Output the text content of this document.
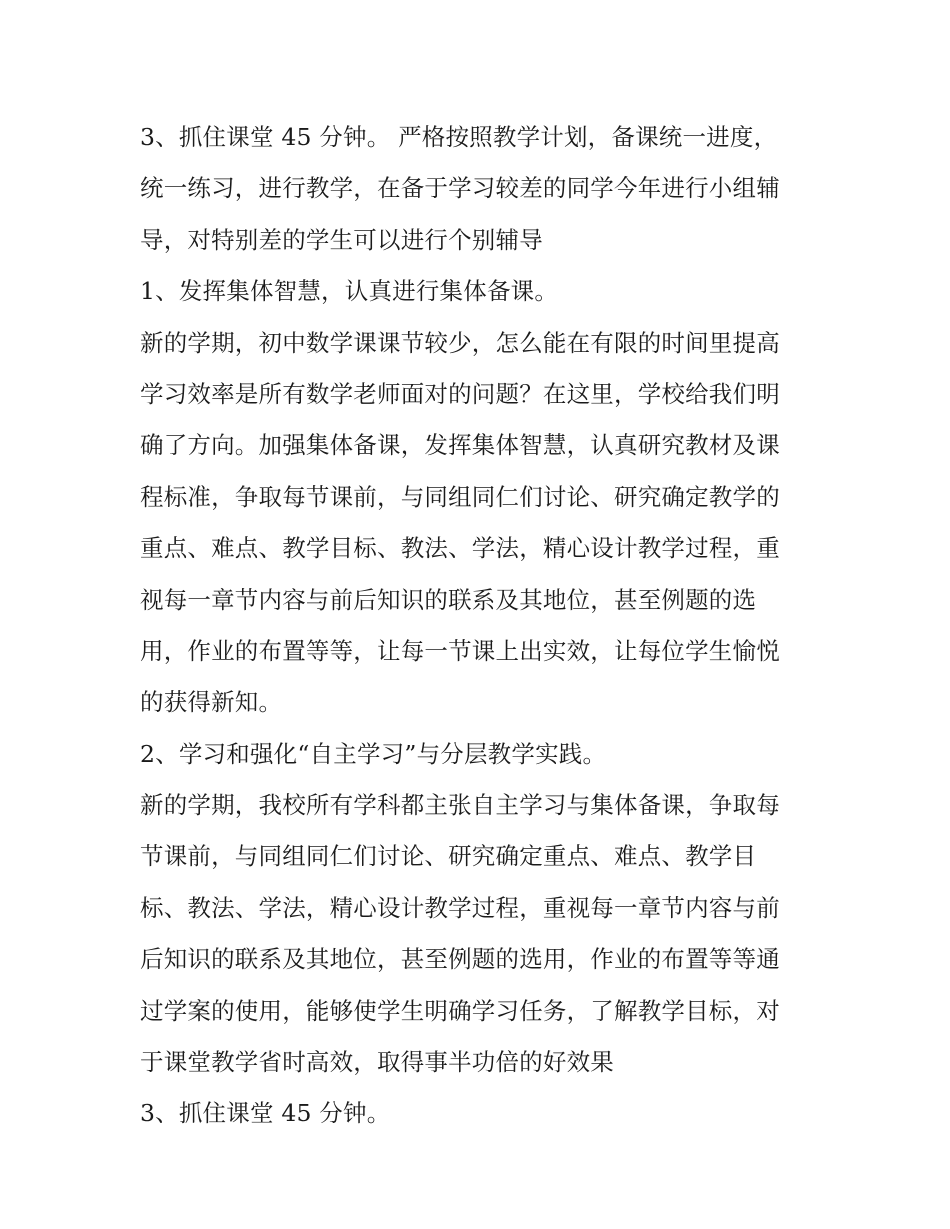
3、抓住课堂 45 分钟。 严格按照教学计划，备课统一进度，
统一练习，进行教学，在备于学习较差的同学今年进行小组辅
导，对特别差的学生可以进行个别辅导
1、发挥集体智慧，认真进行集体备课。
新的学期，初中数学课课节较少，怎么能在有限的时间里提高
学习效率是所有数学老师面对的问题？在这里，学校给我们明
确了方向。加强集体备课，发挥集体智慧，认真研究教材及课
程标准，争取每节课前，与同组同仁们讨论、研究确定教学的
重点、难点、教学目标、教法、学法，精心设计教学过程，重
视每一章节内容与前后知识的联系及其地位，甚至例题的选
用，作业的布置等等，让每一节课上出实效，让每位学生愉悦
的获得新知。
2、学习和强化“自主学习”与分层教学实践。
新的学期，我校所有学科都主张自主学习与集体备课，争取每
节课前，与同组同仁们讨论、研究确定重点、难点、教学目
标、教法、学法，精心设计教学过程，重视每一章节内容与前
后知识的联系及其地位，甚至例题的选用，作业的布置等等通
过学案的使用，能够使学生明确学习任务，了解教学目标，对
于课堂教学省时高效，取得事半功倍的好效果
3、抓住课堂 45 分钟。
